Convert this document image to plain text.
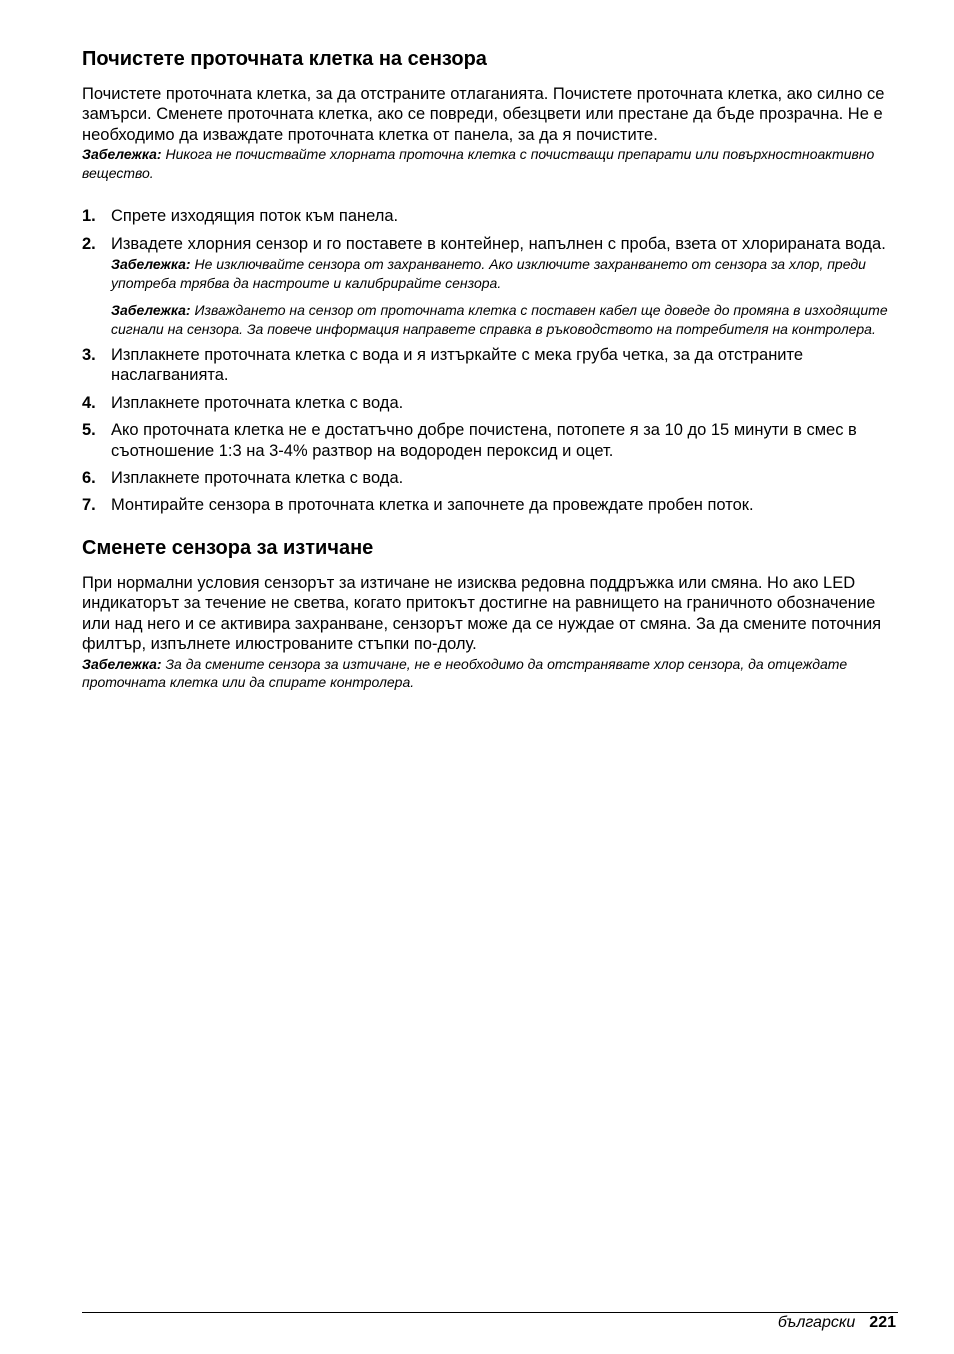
Почистете проточната клетка на сензора

Почистете проточната клетка, за да отстраните отлаганията. Почистете проточната клетка, ако силно се замърси. Сменете проточната клетка, ако се повреди, обезцвети или престане да бъде прозрачна. Не е необходимо да изваждате проточната клетка от панела, за да я почистите.

Забележка: Никога не почиствайте хлорната проточна клетка с почистващи препарати или повърхностноактивно вещество.

1. Спрете изходящия поток към панела.
2. Извадете хлорния сензор и го поставете в контейнер, напълнен с проба, взета от хлорираната вода.

Забележка: Не изключвайте сензора от захранването. Ако изключите захранването от сензора за хлор, преди употреба трябва да настроите и калибрирайте сензора.

Забележка: Изваждането на сензор от проточната клетка с поставен кабел ще доведе до промяна в изходящите сигнали на сензора. За повече информация направете справка в ръководството на потребителя на контролера.

3. Изплакнете проточната клетка с вода и я изтъркайте с мека груба четка, за да отстраните наслагванията.
4. Изплакнете проточната клетка с вода.
5. Ако проточната клетка не е достатъчно добре почистена, потопете я за 10 до 15 минути в смес в съотношение 1:3 на 3-4% разтвор на водороден пероксид и оцет.
6. Изплакнете проточната клетка с вода.
7. Монтирайте сензора в проточната клетка и започнете да провеждате пробен поток.
Сменете сензора за изтичане

При нормални условия сензорът за изтичане не изисква редовна поддръжка или смяна. Но ако LED индикаторът за течение не светва, когато притокът достигне на равнището на граничното обозначение или над него и се активира захранване, сензорът може да се нуждае от смяна. За да смените поточния филтър, изпълнете илюстрованите стъпки по-долу.

Забележка: За да смените сензора за изтичане, не е необходимо да отстранявате хлор сензора, да отцеждате проточната клетка или да спирате контролера.

български 221
